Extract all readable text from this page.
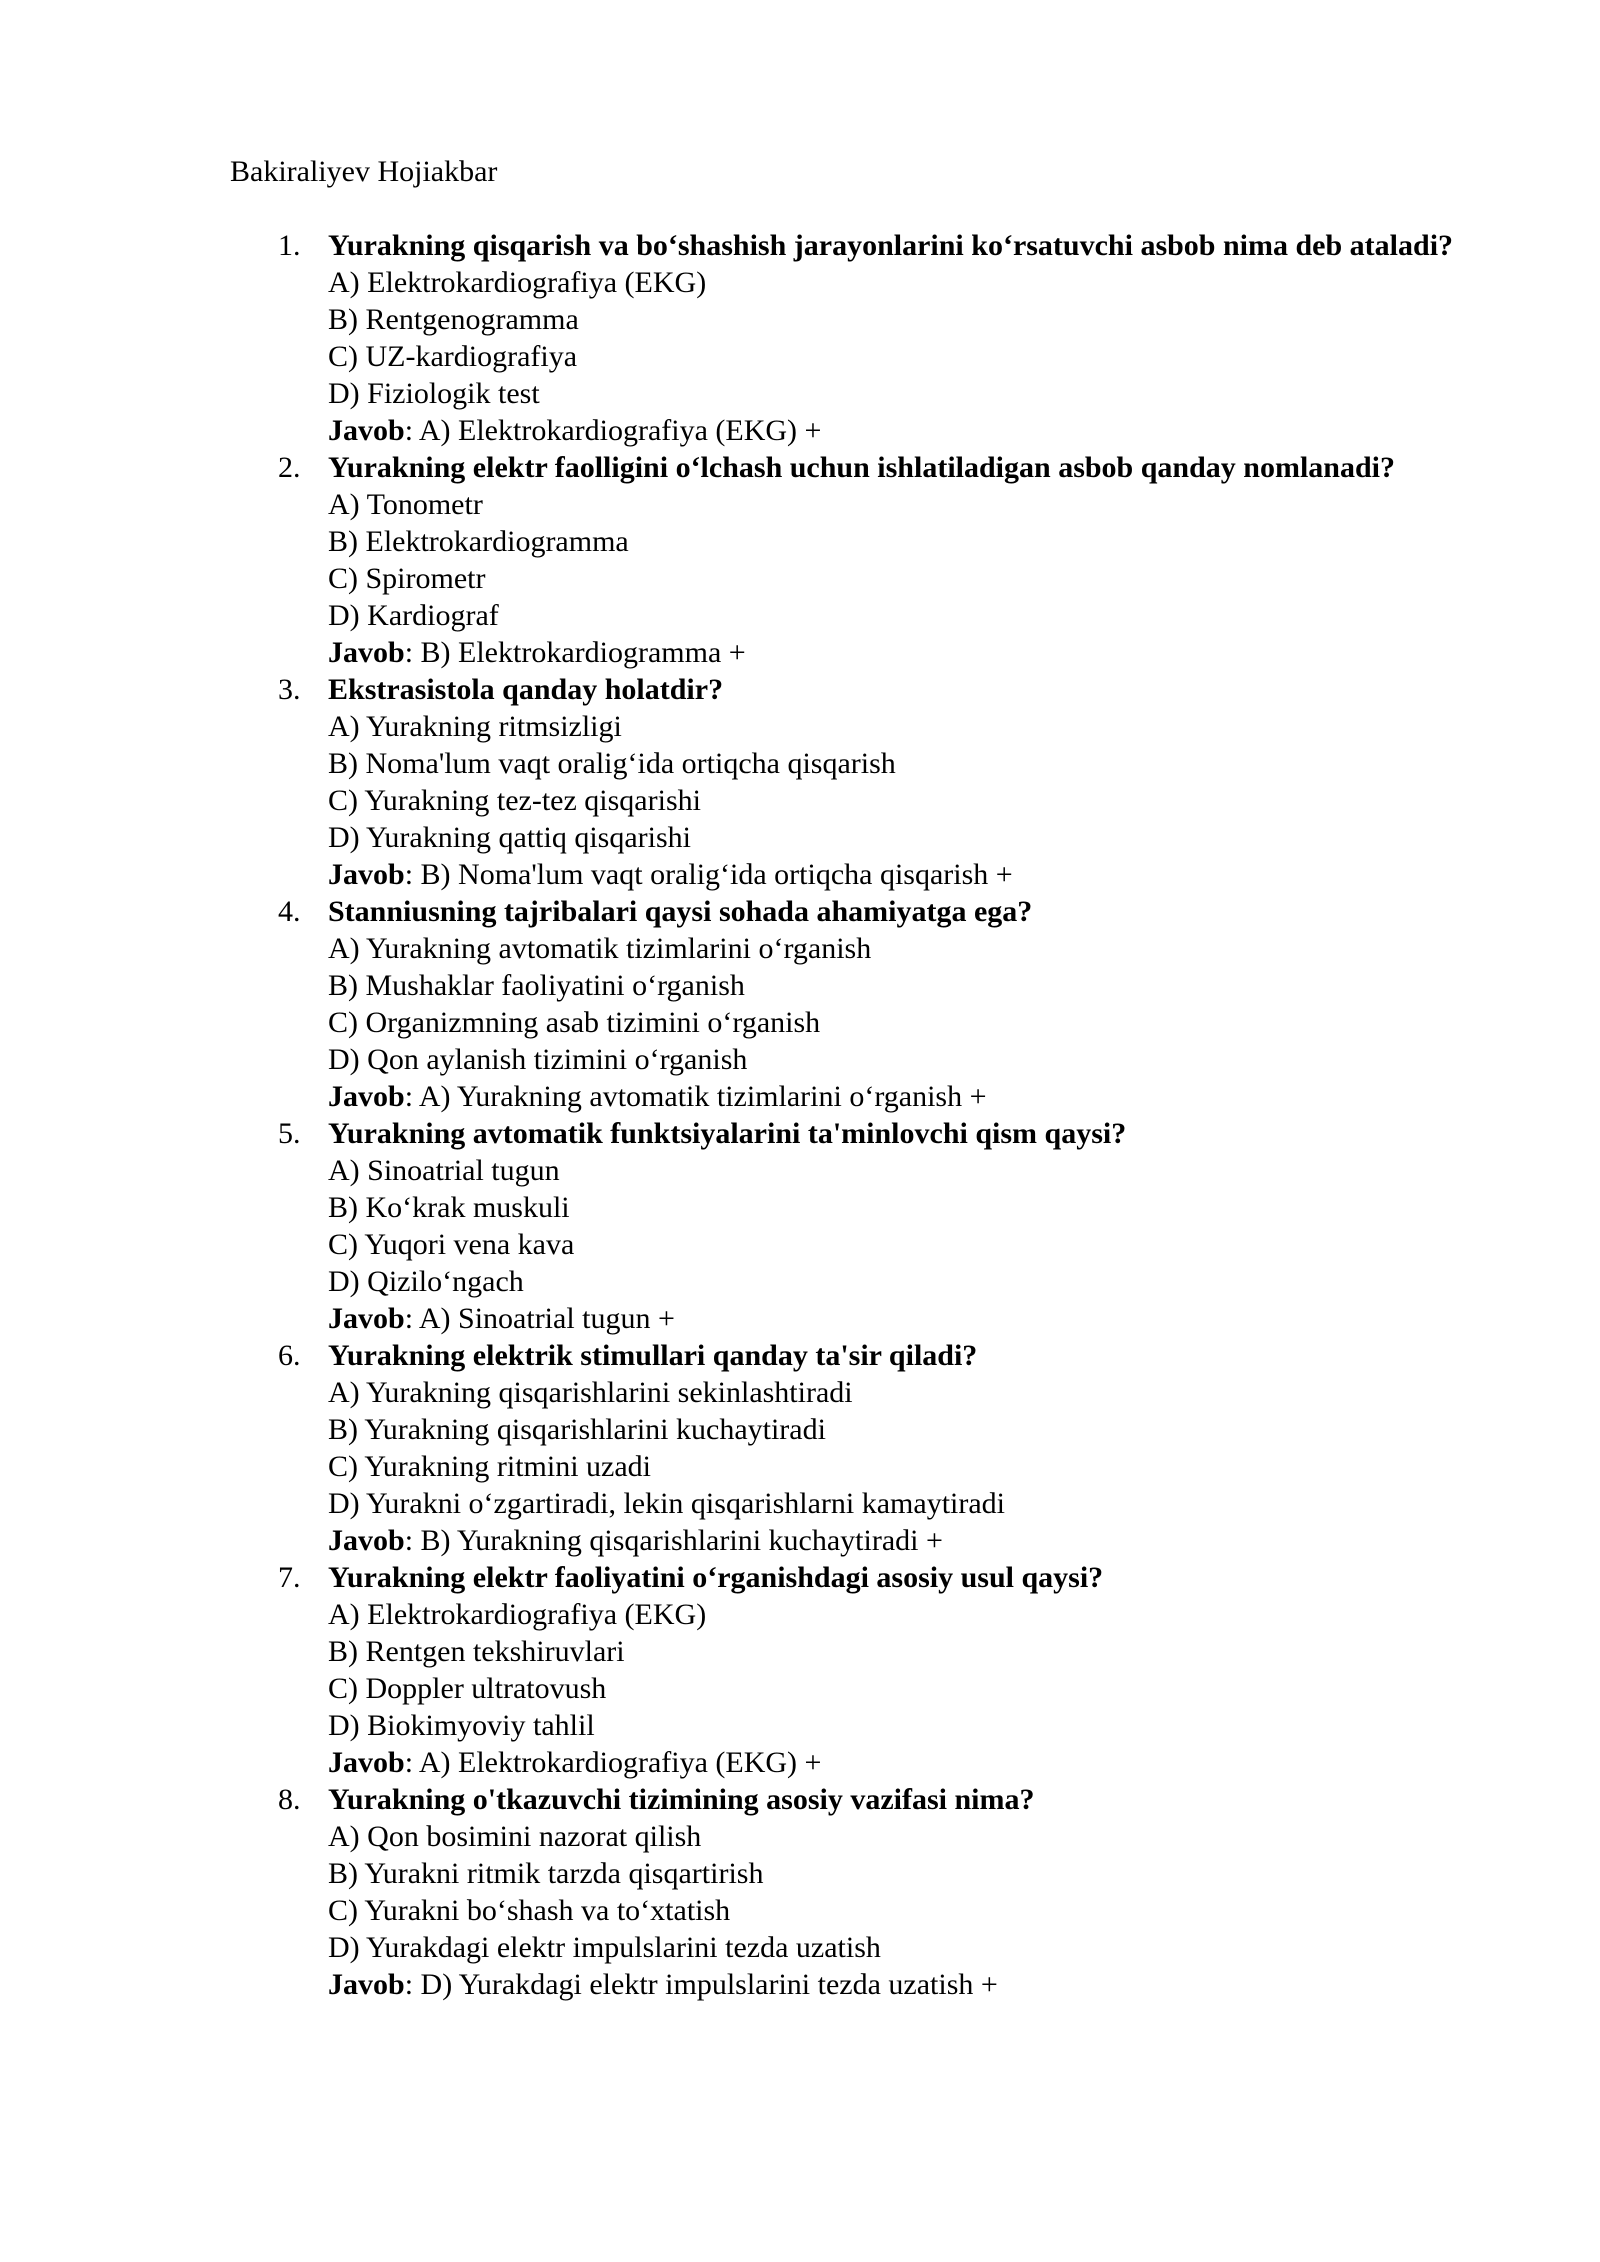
Bakiraliyev Hojiakbar
1. Yurakning qisqarish va bo‘shashish jarayonlarini ko‘rsatuvchi asbob nima deb ataladi?
A) Elektrokardiografiya (EKG)
B) Rentgenogramma
C) UZ-kardiografiya
D) Fiziologik test
Javob: A) Elektrokardiografiya (EKG) +
2. Yurakning elektr faolligini o‘lchash uchun ishlatiladigan asbob qanday nomlanadi?
A) Tonometr
B) Elektrokardiogramma
C) Spirometr
D) Kardiograf
Javob: B) Elektrokardiogramma +
3. Ekstrasistola qanday holatdir?
A) Yurakning ritmsizligi
B) Noma'lum vaqt oralig‘ida ortiqcha qisqarish
C) Yurakning tez-tez qisqarishi
D) Yurakning qattiq qisqarishi
Javob: B) Noma'lum vaqt oralig‘ida ortiqcha qisqarish +
4. Stanniusning tajribalari qaysi sohada ahamiyatga ega?
A) Yurakning avtomatik tizimlarini o‘rganish
B) Mushaklar faoliyatini o‘rganish
C) Organizmning asab tizimini o‘rganish
D) Qon aylanish tizimini o‘rganish
Javob: A) Yurakning avtomatik tizimlarini o‘rganish +
5. Yurakning avtomatik funktsiyalarini ta'minlovchi qism qaysi?
A) Sinoatrial tugun
B) Ko‘krak muskuli
C) Yuqori vena kava
D) Qizilo‘ngach
Javob: A) Sinoatrial tugun +
6. Yurakning elektrik stimullari qanday ta'sir qiladi?
A) Yurakning qisqarishlarini sekinlashtiradi
B) Yurakning qisqarishlarini kuchaytiradi
C) Yurakning ritmini uzadi
D) Yurakni o‘zgartiradi, lekin qisqarishlarni kamaytiradi
Javob: B) Yurakning qisqarishlarini kuchaytiradi +
7. Yurakning elektr faoliyatini o‘rganishdagi asosiy usul qaysi?
A) Elektrokardiografiya (EKG)
B) Rentgen tekshiruvlari
C) Doppler ultratovush
D) Biokimyoviy tahlil
Javob: A) Elektrokardiografiya (EKG) +
8. Yurakning o'tkazuvchi tizimining asosiy vazifasi nima?
A) Qon bosimini nazorat qilish
B) Yurakni ritmik tarzda qisqartirish
C) Yurakni bo‘shash va to‘xtatish
D) Yurakdagi elektr impulslarini tezda uzatish
Javob: D) Yurakdagi elektr impulslarini tezda uzatish +
